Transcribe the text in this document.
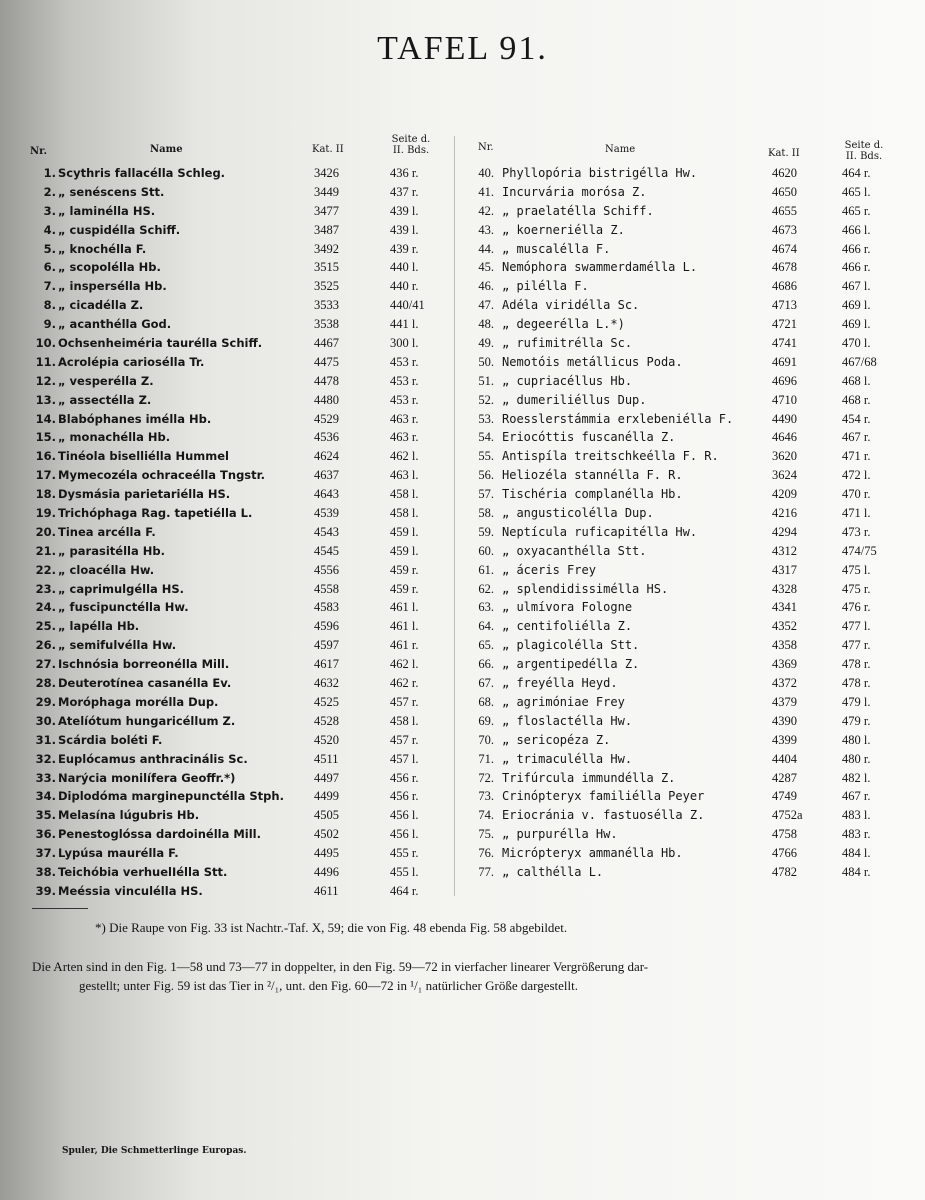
TAFEL 91.
Nr.	Name	Kat. II
Seite d.
II. Bds.
1. Scythris fallacélla Schleg.	3426	436 r.
2. „ senéscens Stt.	3449	437 r.
3. „ laminélla HS.	3477	439 l.
4. „ cuspidélla Schiff.	3487	439 l.
5. „ knochélla F.	3492	439 r.
6. „ scopolélla Hb.	3515	440 l.
7. „ inspersélla Hb.	3525	440 r.
8. „ cicadélla Z.	3533	440/41
9. „ acanthélla God.	3538	441 l.
10. Ochsenheiméria taurélla Schiff.	4467	300 l.
11. Acrolépia cariosélla Tr.	4475	453 r.
12. „ vesperélla Z.	4478	453 r.
13. „ assectélla Z.	4480	453 r.
14. Blabóphanes imélla Hb.	4529	463 r.
15. „ monachélla Hb.	4536	463 r.
16. Tinéola biselliélla Hummel	4624	462 l.
17. Mymecozéla ochraceélla Tngstr.	4637	463 l.
18. Dysmásia parietariélla HS.	4643	458 l.
19. Trichóphaga Rag. tapetiélla L.	4539	458 l.
20. Tinea arcélla F.	4543	459 l.
21. „ parasitélla Hb.	4545	459 l.
22. „ cloacélla Hw.	4556	459 r.
23. „ caprimulgélla HS.	4558	459 r.
24. „ fuscipunctélla Hw.	4583	461 l.
25. „ lapélla Hb.	4596	461 l.
26. „ semifulvélla Hw.	4597	461 r.
27. Ischnósia borreonélla Mill.	4617	462 l.
28. Deuterotínea casanélla Ev.	4632	462 r.
29. Moróphaga morélla Dup.	4525	457 r.
30. Atelíótum hungaricéllum Z.	4528	458 l.
31. Scárdia boléti F.	4520	457 r.
32. Euplócamus anthracinális Sc.	4511	457 l.
33. Narýcia monilífera Geoffr.*)	4497	456 r.
34. Diplodóma marginepunctélla Stph. 4499	456 r.
35. Melasína lúgubris Hb.	4505	456 l.
36. Penestoglóssa dardoinélla Mill.	4502	456 l.
37. Lypúsa maurélla F.	4495	455 r.
38. Teichóbia verhuelIélla Stt.	4496	455 l.
39. Meéssia vinculélla HS.	4611	464 r.
Nr.	Name	Kat. II
Seite d.
II. Bds.
40. Phyllopória bistrigélla Hw.	4620	464 r.
41. Incurvária morósa Z.	4650	465 l.
42. „ praelatélla Schiff.	4655	465 r.
43. „ koerneriélla Z.	4673	466 l.
44. „ muscalélla F.	4674	466 r.
45. Nemóphora swammerdamélla L.	4678	466 r.
46. „ pilélla F.	4686	467 l.
47. Adéla viridélla Sc.	4713	469 l.
48. „ degeerélla L.*)	4721	469 l.
49. „ rufimitrélla Sc.	4741	470 l.
50. Nemotóis metállicus Poda.	4691	467/68
51. „ cupriacéllus Hb.	4696	468 l.
52. „ dumeriliéllus Dup.	4710	468 r.
53. Roesslerstámmia erxlebeniélla F.	4490	454 r.
54. Eriocóttis fuscanélla Z.	4646	467 r.
55. Antispíla treitschkeélla F. R.	3620	471 r.
56. Heliozéla stannélla F. R.	3624	472 l.
57. Tischéria complanélla Hb.	4209	470 r.
58. „ angusticolélla Dup.	4216	471 l.
59. Neptícula ruficapitélla Hw.	4294	473 r.
60. „ oxyacanthélla Stt.	4312	474/75
61. „ áceris Frey	4317	475 l.
62. „ splendidissimélla HS.	4328	475 r.
63. „ ulmívora Fologne	4341	476 r.
64. „ centifoliélla Z.	4352	477 l.
65. „ plagicolélla Stt.	4358	477 r.
66. „ argentipedélla Z.	4369	478 r.
67. „ freyélla Heyd.	4372	478 r.
68. „ agrimóniae Frey	4379	479 l.
69. „ floslactélla Hw.	4390	479 r.
70. „ sericopéza Z.	4399	480 l.
71. „ trimaculélla Hw.	4404	480 r.
72. Trifúrcula immundélla Z.	4287	482 l.
73. Crinópteryx familiélla Peyer	4749	467 r.
74. Eriocránia v. fastuosélla Z.	4752a	483 l.
75. „ purpurélla Hw.	4758	483 r.
76. Micrópteryx ammanélla Hb.	4766	484 l.
77. „ calthélla L.	4782	484 r.
*) Die Raupe von Fig. 33 ist Nachtr.-Taf. X, 59; die von Fig. 48 ebenda Fig. 58 abgebildet.
Die Arten sind in den Fig. 1—58 und 73—77 in doppelter, in den Fig. 59—72 in vierfacher linearer Vergrößerung dar-
gestellt; unter Fig. 59 ist das Tier in ²/₁, unt. den Fig. 60—72 in ¹/₁ natürlicher Größe dargestellt.
Spuler, Die Schmetterlinge Europas.
